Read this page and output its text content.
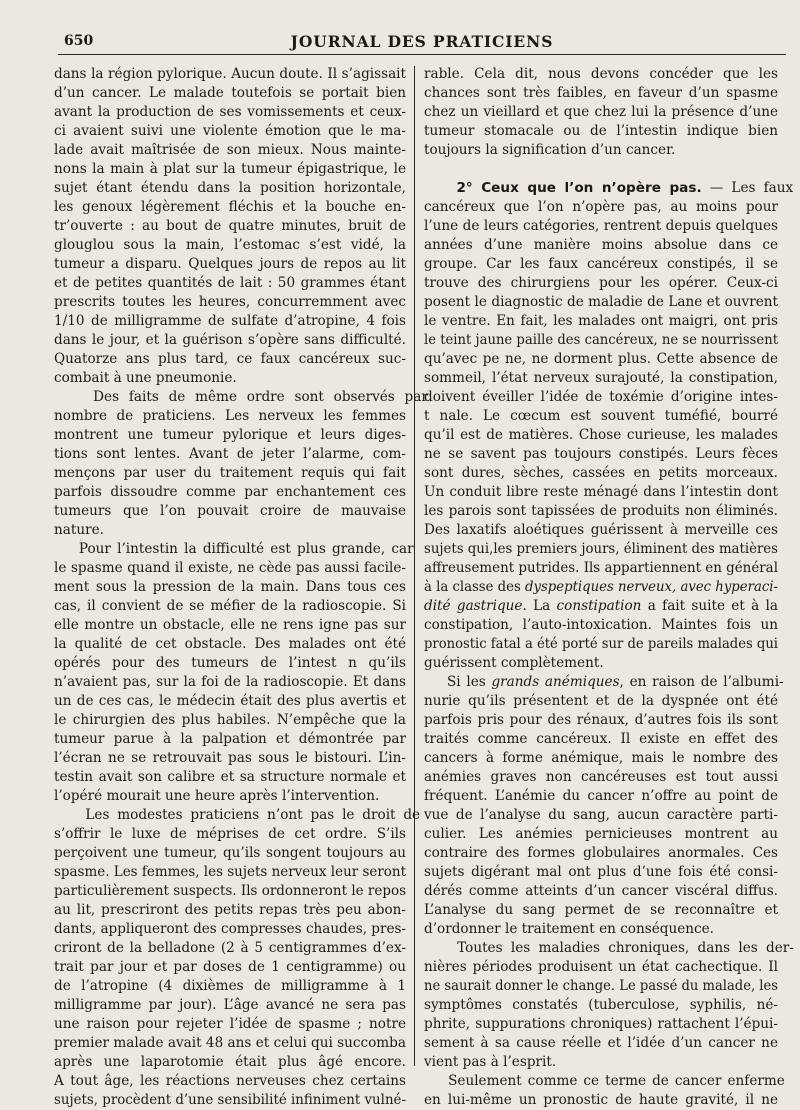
650	JOURNAL DES PRATICIENS
dans la région pylorique. Aucun doute. Il s’agissait
d’un cancer. Le malade toutefois se portait bien
avant la production de ses vomissements et ceux-
ci avaient suivi une violente émotion que le ma-
lade avait maîtrisée de son mieux. Nous mainte-
nons la main à plat sur la tumeur épigastrique, le
sujet étant étendu dans la position horizontale,
les genoux légèrement fléchis et la bouche en-
tr’ouverte : au bout de quatre minutes, bruit de
glouglou sous la main, l’estomac s’est vidé, la
tumeur a disparu. Quelques jours de repos au lit
et de petites quantités de lait : 50 grammes étant
prescrits toutes les heures, concurremment avec
1/10 de milligramme de sulfate d’atropine, 4 fois
dans le jour, et la guérison s’opère sans difficulté.
Quatorze ans plus tard, ce faux cancéreux suc-
combait à une pneumonie.
Des faits de même ordre sont observés par
nombre de praticiens. Les nerveux les femmes
montrent une tumeur pylorique et leurs diges-
tions sont lentes. Avant de jeter l’alarme, com-
mençons par user du traitement requis qui fait
parfois dissoudre comme par enchantement ces
tumeurs que l’on pouvait croire de mauvaise
nature.
Pour l’intestin la difficulté est plus grande, car
le spasme quand il existe, ne cède pas aussi facile-
ment sous la pression de la main. Dans tous ces
cas, il convient de se méfier de la radioscopie. Si
elle montre un obstacle, elle ne rens igne pas sur
la qualité de cet obstacle. Des malades ont été
opérés pour des tumeurs de l’intest n qu’ils
n’avaient pas, sur la foi de la radioscopie. Et dans
un de ces cas, le médecin était des plus avertis et
le chirurgien des plus habiles. N’empêche que la
tumeur parue à la palpation et démontrée par
l’écran ne se retrouvait pas sous le bistouri. L’in-
testin avait son calibre et sa structure normale et
l’opéré mourait une heure après l’intervention.
Les modestes praticiens n’ont pas le droit de
s’offrir le luxe de méprises de cet ordre. S’ils
perçoivent une tumeur, qu’ils songent toujours au
spasme. Les femmes, les sujets nerveux leur seront
particulièrement suspects. Ils ordonneront le repos
au lit, prescriront des petits repas très peu abon-
dants, appliqueront des compresses chaudes, pres-
criront de la belladone (2 à 5 centigrammes d’ex-
trait par jour et par doses de 1 centigramme) ou
de l’atropine (4 dixièmes de milligramme à 1
milligramme par jour). L’âge avancé ne sera pas
une raison pour rejeter l’idée de spasme ; notre
premier malade avait 48 ans et celui qui succomba
après une laparotomie était plus âgé encore.
A tout âge, les réactions nerveuses chez certains
sujets, procèdent d’une sensibilité infiniment vulné-
rable. Cela dit, nous devons concéder que les
chances sont très faibles, en faveur d’un spasme
chez un vieillard et que chez lui la présence d’une
tumeur stomacale ou de l’intestin indique bien
toujours la signification d’un cancer.
2° Ceux que l’on n’opère pas. — Les faux
cancéreux que l’on n’opère pas, au moins pour
l’une de leurs catégories, rentrent depuis quelques
années d’une manière moins absolue dans ce
groupe. Car les faux cancéreux constipés, il se
trouve des chirurgiens pour les opérer. Ceux-ci
posent le diagnostic de maladie de Lane et ouvrent
le ventre. En fait, les malades ont maigri, ont pris
le teint jaune paille des cancéreux, ne se nourrissent
qu’avec pe ne, ne dorment plus. Cette absence de
sommeil, l’état nerveux surajouté, la constipation,
doivent éveiller l’idée de toxémie d’origine intes-
t nale. Le cœcum est souvent tuméfié, bourré
qu’il est de matières. Chose curieuse, les malades
ne se savent pas toujours constipés. Leurs fèces
sont dures, sèches, cassées en petits morceaux.
Un conduit libre reste ménagé dans l’intestin dont
les parois sont tapissées de produits non éliminés.
Des laxatifs aloétiques guérissent à merveille ces
sujets qui,les premiers jours, éliminent des matières
affreusement putrides. Ils appartiennent en général
à la classe des dyspeptiques nerveux, avec hyperaci-
dité gastrique. La constipation a fait suite et à la
constipation, l’auto-intoxication. Maintes fois un
pronostic fatal a été porté sur de pareils malades qui
guérissent complètement.
Si les grands anémiques, en raison de l’albumi-
nurie qu’ils présentent et de la dyspnée ont été
parfois pris pour des rénaux, d’autres fois ils sont
traités comme cancéreux. Il existe en effet des
cancers à forme anémique, mais le nombre des
anémies graves non cancéreuses est tout aussi
fréquent. L’anémie du cancer n’offre au point de
vue de l’analyse du sang, aucun caractère parti-
culier. Les anémies pernicieuses montrent au
contraire des formes globulaires anormales. Ces
sujets digérant mal ont plus d’une fois été consi-
dérés comme atteints d’un cancer viscéral diffus.
L’analyse du sang permet de se reconnaître et
d’ordonner le traitement en conséquence.
Toutes les maladies chroniques, dans les der-
nières périodes produisent un état cachectique. Il
ne saurait donner le change. Le passé du malade, les
symptômes constatés (tuberculose, syphilis, né-
phrite, suppurations chroniques) rattachent l’épui-
sement à sa cause réelle et l’idée d’un cancer ne
vient pas à l’esprit.
Seulement comme ce terme de cancer enferme
en lui-même un pronostic de haute gravité, il ne
